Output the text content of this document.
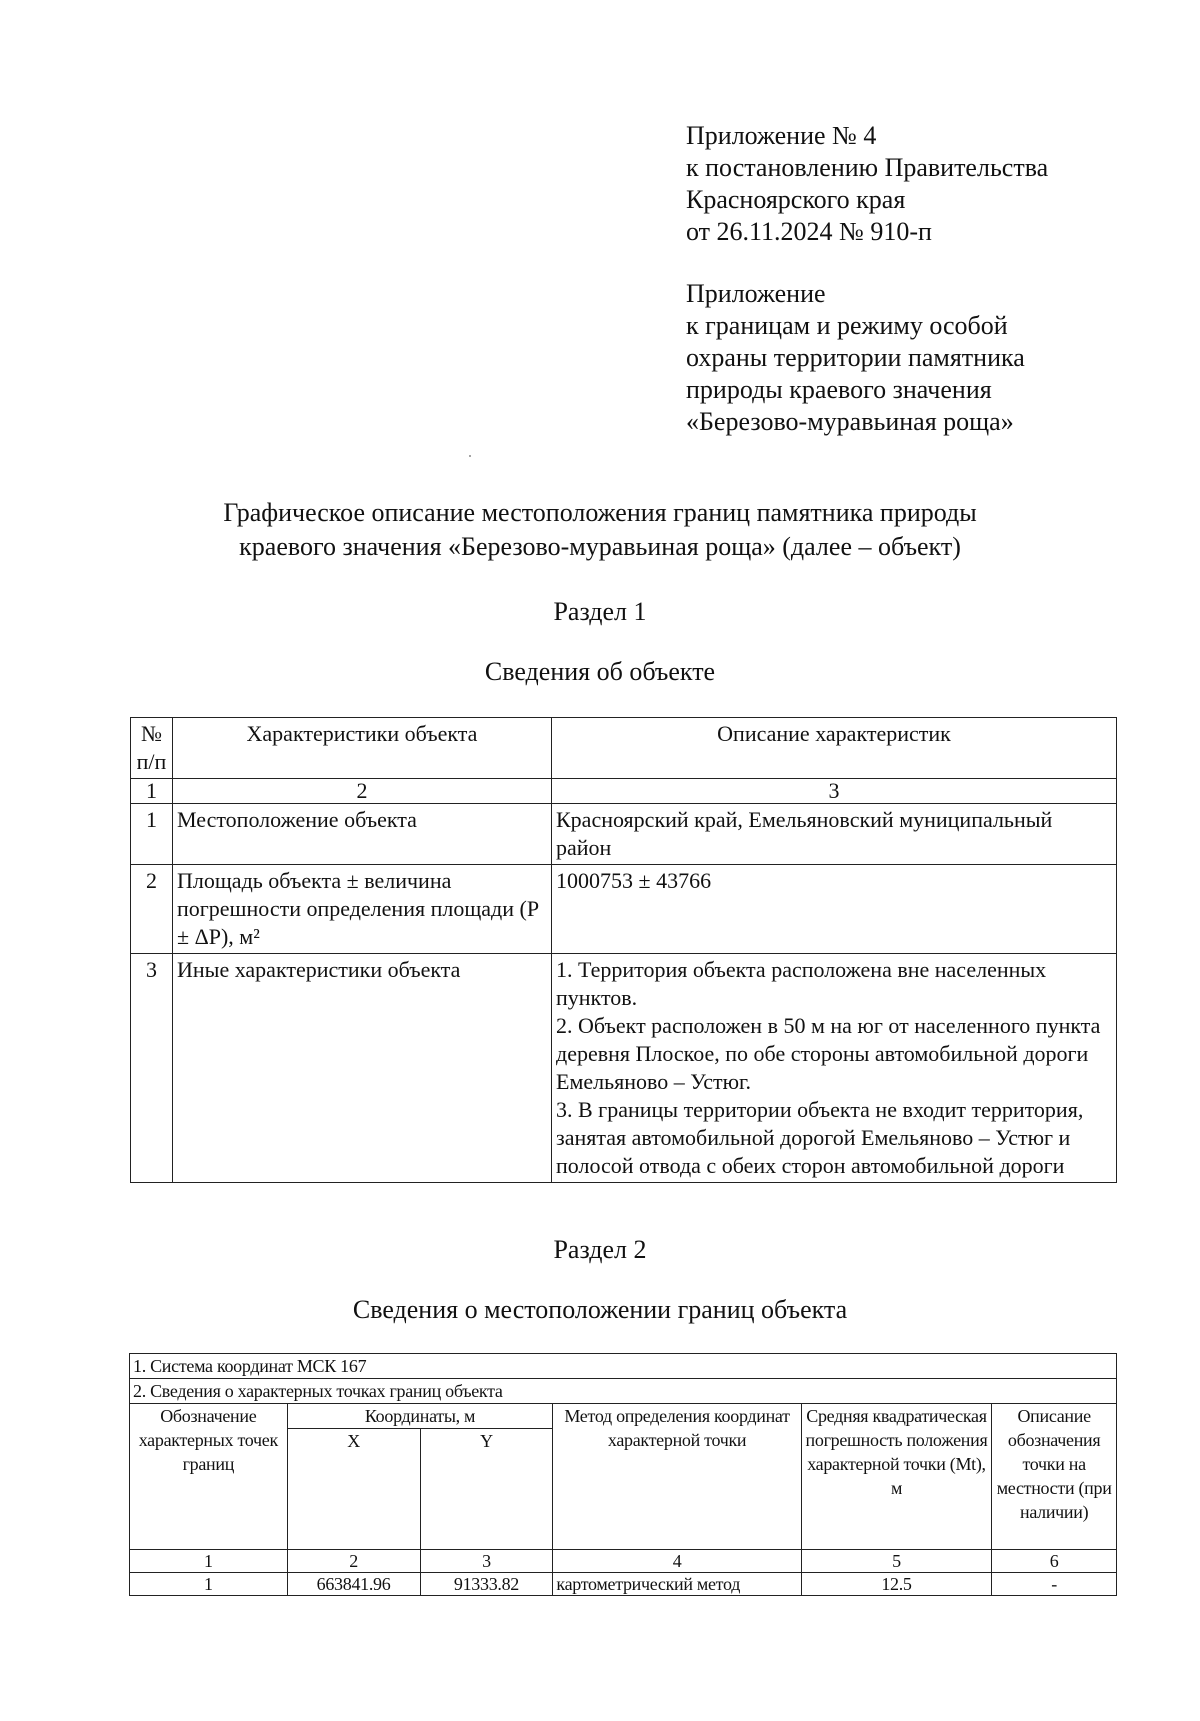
Приложение № 4
к постановлению Правительства
Красноярского края
от 26.11.2024 № 910-п
Приложение
к границам и режиму особой
охраны территории памятника
природы краевого значения
«Березово-муравьиная роща»
Графическое описание местоположения границ памятника природы
краевого значения «Березово-муравьиная роща» (далее – объект)
Раздел 1
Сведения об объекте
№ п/п	Характеристики объекта	Описание характеристик
1	2	3
1	Местоположение объекта	Красноярский край, Емельяновский муниципальный район
2	Площадь объекта ± величина погрешности определения площади (Р ± ΔР), м²	1000753 ± 43766
3	Иные характеристики объекта	1. Территория объекта расположена вне населенных пунктов.
2. Объект расположен в 50 м на юг от населенного пункта деревня Плоское, по обе стороны автомобильной дороги Емельяново – Устюг.
3. В границы территории объекта не входит территория, занятая автомобильной дорогой Емельяново – Устюг и полосой отвода с обеих сторон автомобильной дороги
Раздел 2
Сведения о местоположении границ объекта
1. Система координат МСК 167					
2. Сведения о характерных точках границ объекта					
Обозначение характерных точек границ	Координаты, м		Метод определения координат характерной точки	Средняя квадратическая погрешность положения характерной точки (Mt), м	Описание обозначения точки на местности (при наличии)
	X	Y			
1	2	3	4	5	6
1	663841.96	91333.82	картометрический метод	12.5	-
